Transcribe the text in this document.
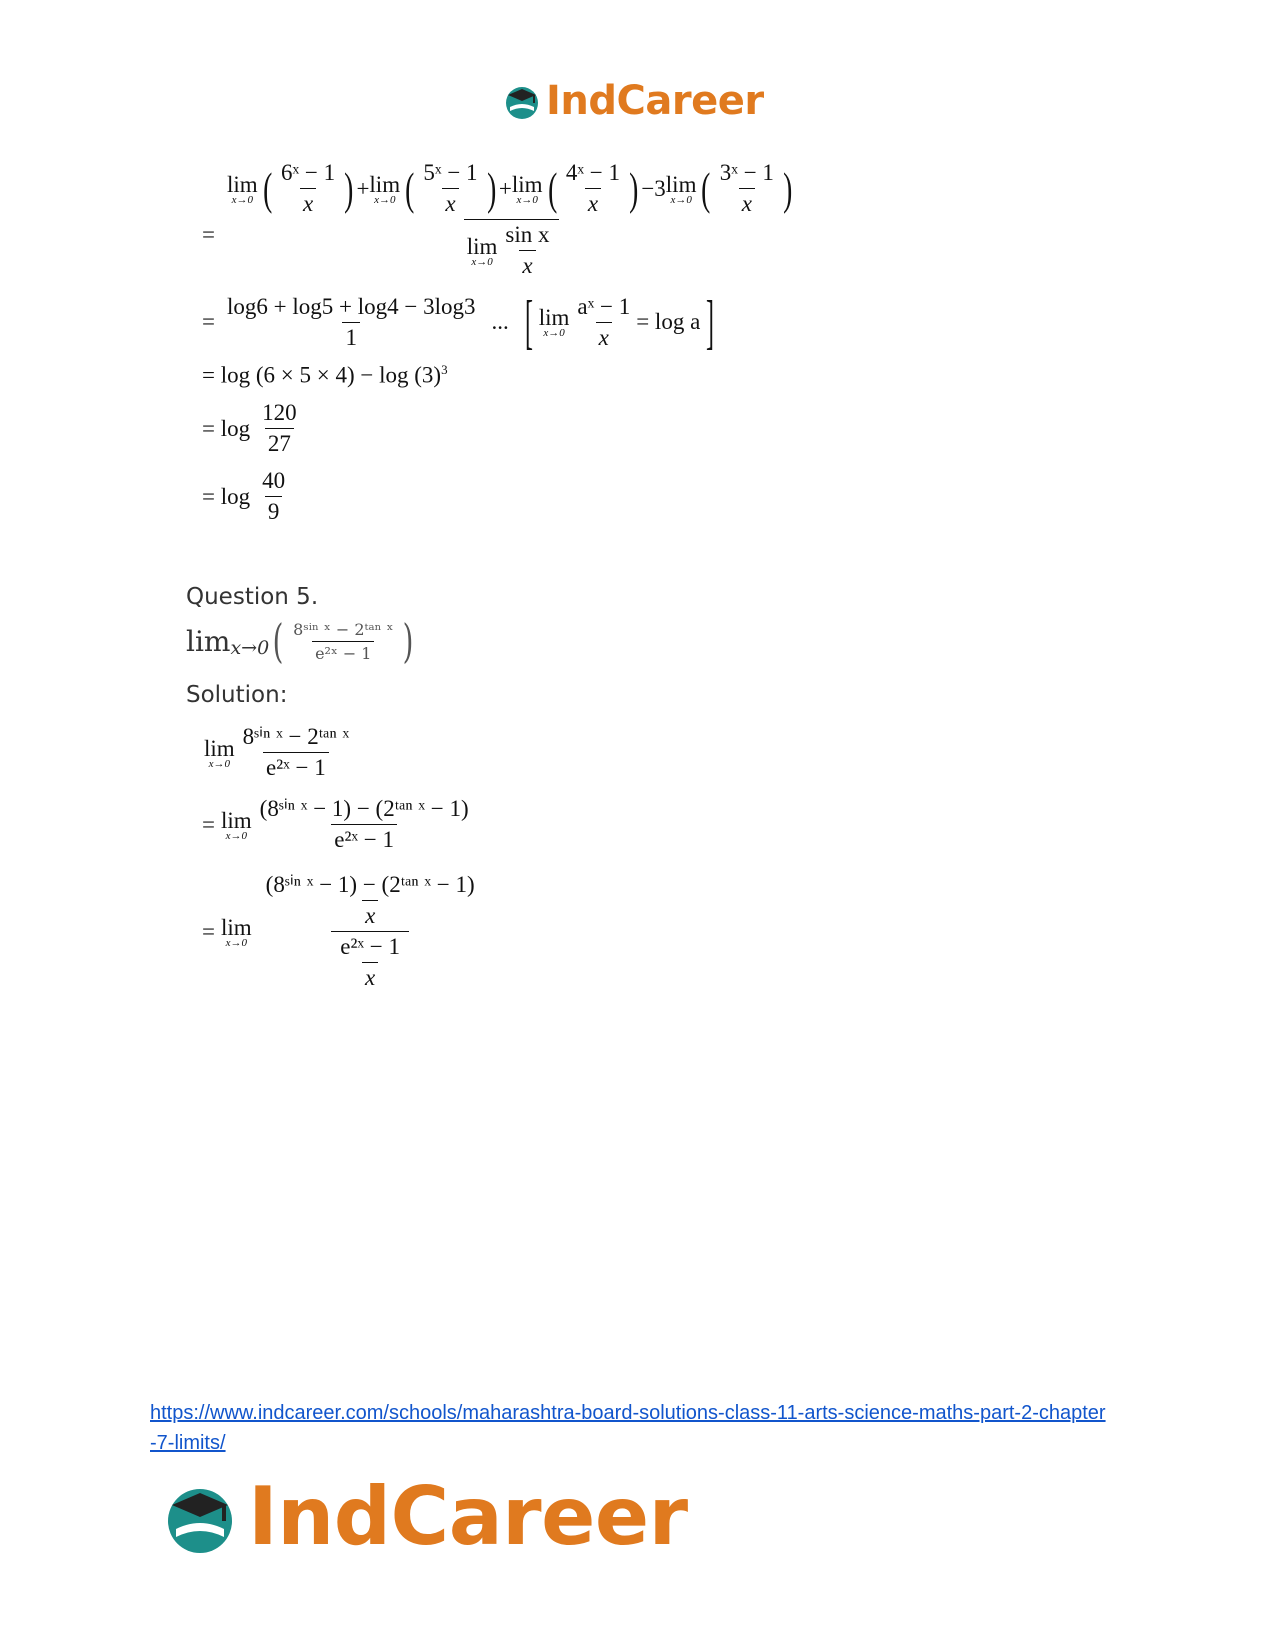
IndCareer
=
lim
x→0 ( $\frac{\text{6ˣ − 1}}{x}$ ) + lim
x→0 ( $\frac{\text{5ˣ − 1}}{x}$ ) + lim
x→0 ( $\frac{\text{4ˣ − 1}}{x}$ ) −3 lim
x→0 ( $\frac{\text{3ˣ − 1}}{x}$ )
lim
$x\to 0 \frac{\text{sin x}}{x}$
= $\frac{\log 6 + \log 5 + \log 4 - 3\log 3}{1}$ ... [ lim
$x\to 0 \frac{\text{aˣ − 1}}{x} = \log a$ ]
= $\log (6 \times 5 \times 4) - \log (3)^3$
= $\log \frac{120}{27}$
= $\log \frac{40}{9}$
Question 5.
lim x→0 ( $\frac{\text{8ˢⁱⁿ ˣ − 2ᵗᵃⁿ ˣ}}{\text{e²ˣ − 1}}$ )
Solution:
lim
$x\to 0 \frac{\text{8ˢⁱⁿ ˣ − 2ᵗᵃⁿ ˣ}}{\text{e²ˣ − 1}}$
= lim
$x\to 0 \frac{\text{(8ˢⁱⁿ ˣ − 1) − (2ᵗᵃⁿ ˣ − 1)}}{\text{e²ˣ − 1}}$
= lim
$x\to 0 \frac{\frac{\text{(8ˢⁱⁿ ˣ − 1) − (2ᵗᵃⁿ ˣ − 1)}}{x}}{\frac{\text{e²ˣ − 1}}{x}}$
https://www.indcareer.com/schools/maharashtra-board-solutions-class-11-arts-science-maths-part-2-chapter-7-limits/
IndCareer
